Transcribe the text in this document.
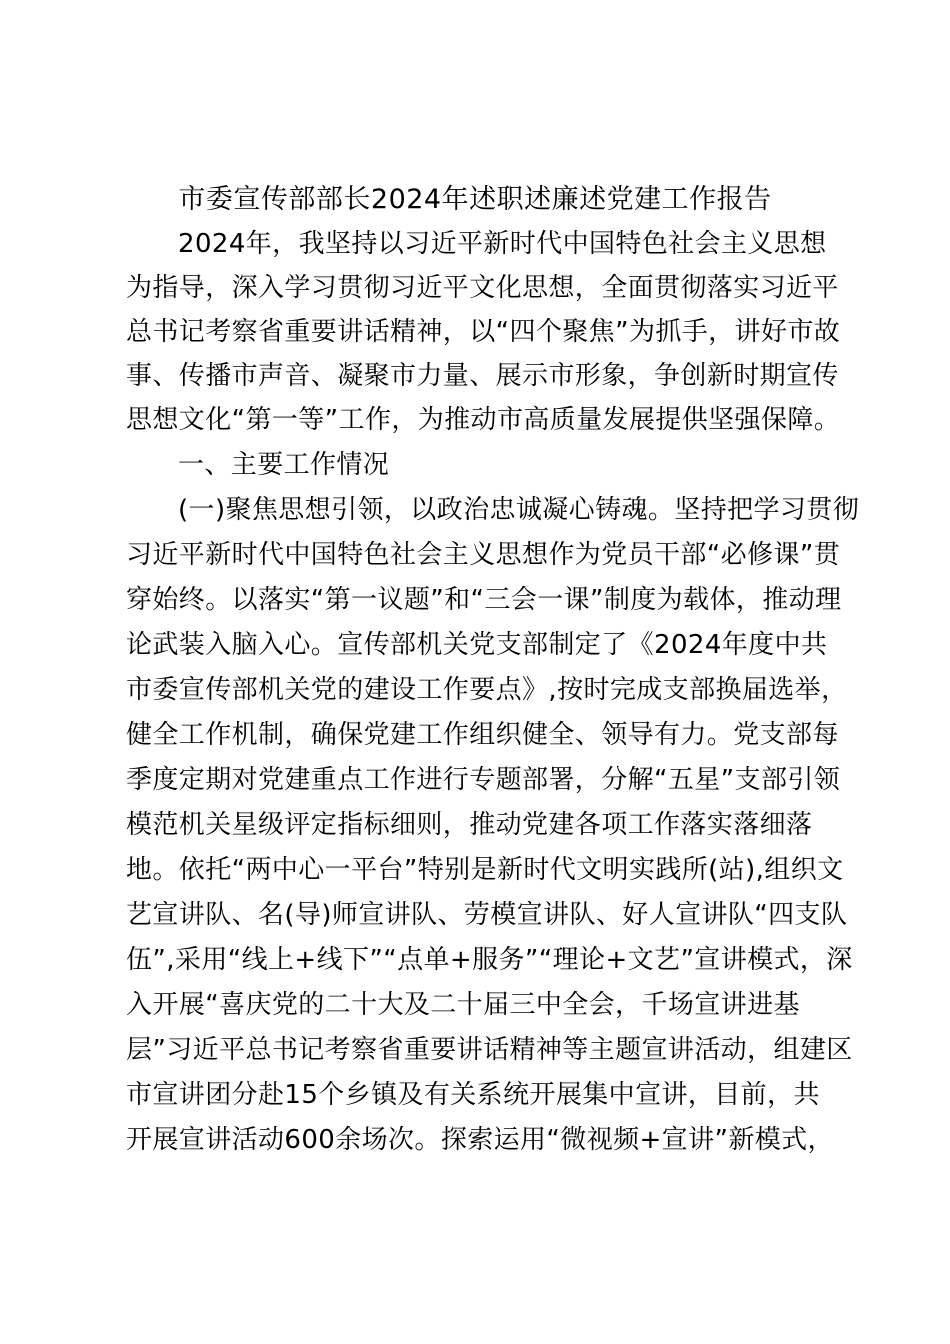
市委宣传部部长2024年述职述廉述党建工作报告
2024年，我坚持以习近平新时代中国特色社会主义思想
为指导，深入学习贯彻习近平文化思想，全面贯彻落实习近平
总书记考察省重要讲话精神，以“四个聚焦”为抓手，讲好市故
事、传播市声音、凝聚市力量、展示市形象，争创新时期宣传
思想文化“第一等”工作，为推动市高质量发展提供坚强保障。
一、主要工作情况
(一)聚焦思想引领，以政治忠诚凝心铸魂。坚持把学习贯彻
习近平新时代中国特色社会主义思想作为党员干部“必修课”贯
穿始终。以落实“第一议题”和“三会一课”制度为载体，推动理
论武装入脑入心。宣传部机关党支部制定了《2024年度中共
市委宣传部机关党的建设工作要点》,按时完成支部换届选举，
健全工作机制，确保党建工作组织健全、领导有力。党支部每
季度定期对党建重点工作进行专题部署，分解“五星”支部引领
模范机关星级评定指标细则，推动党建各项工作落实落细落
地。依托“两中心一平台”特别是新时代文明实践所(站),组织文
艺宣讲队、名(导)师宣讲队、劳模宣讲队、好人宣讲队“四支队
伍”,采用“线上+线下”“点单+服务”“理论+文艺”宣讲模式，深
入开展“喜庆党的二十大及二十届三中全会，千场宣讲进基
层”习近平总书记考察省重要讲话精神等主题宣讲活动，组建区
市宣讲团分赴15个乡镇及有关系统开展集中宣讲，目前，共
开展宣讲活动600余场次。探索运用“微视频+宣讲”新模式，
